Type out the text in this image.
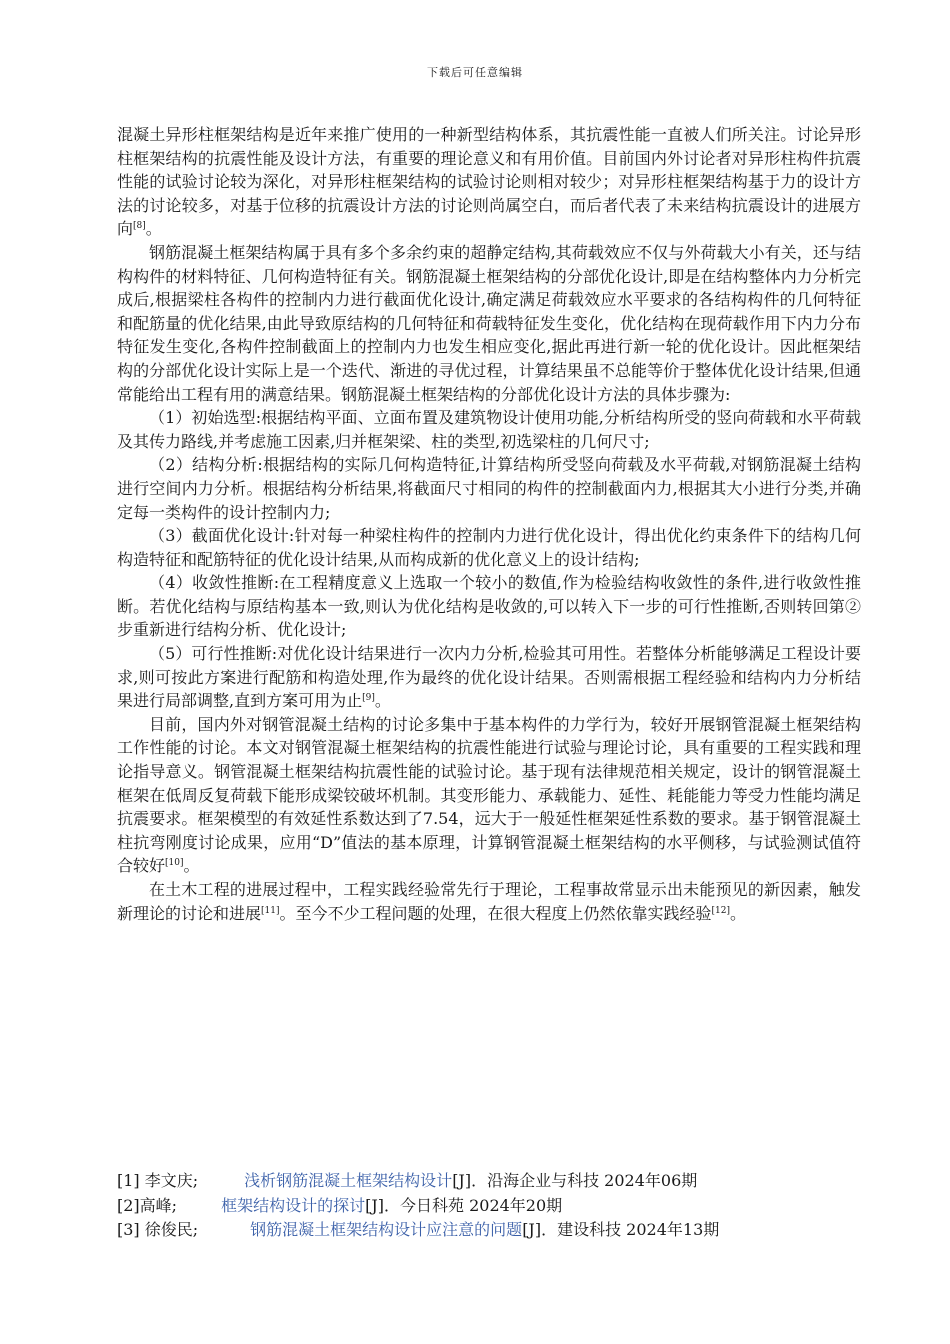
下载后可任意编辑

混凝土异形柱框架结构是近年来推广使用的一种新型结构体系，其抗震性能一直被人们所关注。讨论异形柱框架结构的抗震性能及设计方法，有重要的理论意义和有用价值。目前国内外讨论者对异形柱构件抗震性能的试验讨论较为深化，对异形柱框架结构的试验讨论则相对较少；对异形柱框架结构基于力的设计方法的讨论较多，对基于位移的抗震设计方法的讨论则尚属空白，而后者代表了未来结构抗震设计的进展方向[8]。

钢筋混凝土框架结构属于具有多个多余约束的超静定结构,其荷载效应不仅与外荷载大小有关，还与结构构件的材料特征、几何构造特征有关。钢筋混凝土框架结构的分部优化设计,即是在结构整体内力分析完成后,根据梁柱各构件的控制内力进行截面优化设计,确定满足荷载效应水平要求的各结构构件的几何特征和配筋量的优化结果,由此导致原结构的几何特征和荷载特征发生变化，优化结构在现荷载作用下内力分布特征发生变化,各构件控制截面上的控制内力也发生相应变化,据此再进行新一轮的优化设计。因此框架结构的分部优化设计实际上是一个迭代、渐进的寻优过程，计算结果虽不总能等价于整体优化设计结果,但通常能给出工程有用的满意结果。钢筋混凝土框架结构的分部优化设计方法的具体步骤为:

（1）初始选型:根据结构平面、立面布置及建筑物设计使用功能,分析结构所受的竖向荷载和水平荷载及其传力路线,并考虑施工因素,归并框架梁、柱的类型,初选梁柱的几何尺寸;

（2）结构分析:根据结构的实际几何构造特征,计算结构所受竖向荷载及水平荷载,对钢筋混凝土结构进行空间内力分析。根据结构分析结果,将截面尺寸相同的构件的控制截面内力,根据其大小进行分类,并确定每一类构件的设计控制内力;

（3）截面优化设计:针对每一种梁柱构件的控制内力进行优化设计，得出优化约束条件下的结构几何构造特征和配筋特征的优化设计结果,从而构成新的优化意义上的设计结构;

（4）收敛性推断:在工程精度意义上选取一个较小的数值,作为检验结构收敛性的条件,进行收敛性推断。若优化结构与原结构基本一致,则认为优化结构是收敛的,可以转入下一步的可行性推断,否则转回第②步重新进行结构分析、优化设计;

（5）可行性推断:对优化设计结果进行一次内力分析,检验其可用性。若整体分析能够满足工程设计要求,则可按此方案进行配筋和构造处理,作为最终的优化设计结果。否则需根据工程经验和结构内力分析结果进行局部调整,直到方案可用为止[9]。

目前，国内外对钢管混凝土结构的讨论多集中于基本构件的力学行为，较好开展钢管混凝土框架结构工作性能的讨论。本文对钢管混凝土框架结构的抗震性能进行试验与理论讨论，具有重要的工程实践和理论指导意义。钢管混凝土框架结构抗震性能的试验讨论。基于现有法律规范相关规定，设计的钢管混凝土框架在低周反复荷载下能形成梁铰破坏机制。其变形能力、承载能力、延性、耗能能力等受力性能均满足抗震要求。框架模型的有效延性系数达到了7.54，远大于一般延性框架延性系数的要求。基于钢管混凝土柱抗弯刚度讨论成果，应用“D”值法的基本原理，计算钢管混凝土框架结构的水平侧移，与试验测试值符合较好[10]。

在土木工程的进展过程中，工程实践经验常先行于理论，工程事故常显示出未能预见的新因素，触发新理论的讨论和进展[11]。至今不少工程问题的处理，在很大程度上仍然依靠实践经验[12]。

[1] 李文庆;	浅析钢筋混凝土框架结构设计[J]．沿海企业与科技 2024年06期
[2]高峰;	框架结构设计的探讨[J]．今日科苑 2024年20期
[3] 徐俊民;	钢筋混凝土框架结构设计应注意的问题[J]．建设科技 2024年13期
